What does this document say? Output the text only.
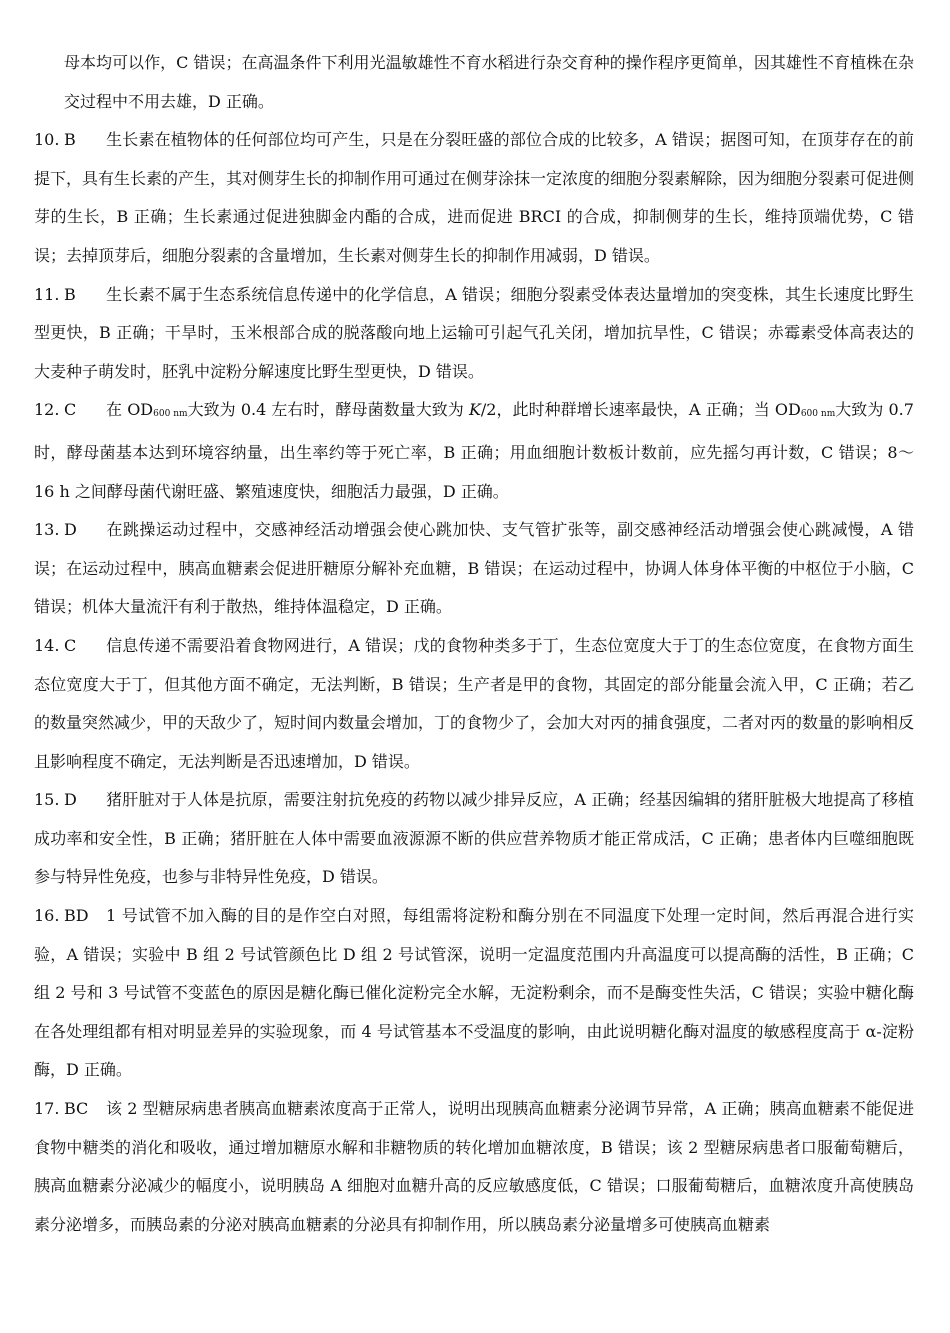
母本均可以作，C 错误；在高温条件下利用光温敏雄性不育水稻进行杂交育种的操作程序更简单，因其雄性不育植株在杂交过程中不用去雄，D 正确。

10. B 生长素在植物体的任何部位均可产生，只是在分裂旺盛的部位合成的比较多，A 错误；据图可知，在顶芽存在的前提下，具有生长素的产生，其对侧芽生长的抑制作用可通过在侧芽涂抹一定浓度的细胞分裂素解除，因为细胞分裂素可促进侧芽的生长，B 正确；生长素通过促进独脚金内酯的合成，进而促进 BRCI 的合成，抑制侧芽的生长，维持顶端优势，C 错误；去掉顶芽后，细胞分裂素的含量增加，生长素对侧芽生长的抑制作用减弱，D 错误。

11. B 生长素不属于生态系统信息传递中的化学信息，A 错误；细胞分裂素受体表达量增加的突变株，其生长速度比野生型更快，B 正确；干旱时，玉米根部合成的脱落酸向地上运输可引起气孔关闭，增加抗旱性，C 错误；赤霉素受体高表达的大麦种子萌发时，胚乳中淀粉分解速度比野生型更快，D 错误。

12. C 在 $OD_{600 nm}$大致为 0.4 左右时，酵母菌数量大致为 K/2，此时种群增长速率最快，A 正确；当 $OD_{600 nm}$大致为 0.7 时，酵母菌基本达到环境容纳量，出生率约等于死亡率，B 正确；用血细胞计数板计数前，应先摇匀再计数，C 错误；8～16 h 之间酵母菌代谢旺盛、繁殖速度快，细胞活力最强，D 正确。

13. D 在跳操运动过程中，交感神经活动增强会使心跳加快、支气管扩张等，副交感神经活动增强会使心跳减慢，A 错误；在运动过程中，胰高血糖素会促进肝糖原分解补充血糖，B 错误；在运动过程中，协调人体身体平衡的中枢位于小脑，C 错误；机体大量流汗有利于散热，维持体温稳定，D 正确。

14. C 信息传递不需要沿着食物网进行，A 错误；戊的食物种类多于丁，生态位宽度大于丁的生态位宽度，在食物方面生态位宽度大于丁，但其他方面不确定，无法判断，B 错误；生产者是甲的食物，其固定的部分能量会流入甲，C 正确；若乙的数量突然减少，甲的天敌少了，短时间内数量会增加，丁的食物少了，会加大对丙的捕食强度，二者对丙的数量的影响相反且影响程度不确定，无法判断是否迅速增加，D 错误。

15. D 猪肝脏对于人体是抗原，需要注射抗免疫的药物以减少排异反应，A 正确；经基因编辑的猪肝脏极大地提高了移植成功率和安全性，B 正确；猪肝脏在人体中需要血液源源不断的供应营养物质才能正常成活，C 正确；患者体内巨噬细胞既参与特异性免疫，也参与非特异性免疫，D 错误。

16. BD 1 号试管不加入酶的目的是作空白对照，每组需将淀粉和酶分别在不同温度下处理一定时间，然后再混合进行实验，A 错误；实验中 B 组 2 号试管颜色比 D 组 2 号试管深，说明一定温度范围内升高温度可以提高酶的活性，B 正确；C 组 2 号和 3 号试管不变蓝色的原因是糖化酶已催化淀粉完全水解，无淀粉剩余，而不是酶变性失活，C 错误；实验中糖化酶在各处理组都有相对明显差异的实验现象，而 4 号试管基本不受温度的影响，由此说明糖化酶对温度的敏感程度高于 α-淀粉酶，D 正确。

17. BC 该 2 型糖尿病患者胰高血糖素浓度高于正常人，说明出现胰高血糖素分泌调节异常，A 正确；胰高血糖素不能促进食物中糖类的消化和吸收，通过增加糖原水解和非糖物质的转化增加血糖浓度，B 错误；该 2 型糖尿病患者口服葡萄糖后，胰高血糖素分泌减少的幅度小，说明胰岛 A 细胞对血糖升高的反应敏感度低，C 错误；口服葡萄糖后，血糖浓度升高使胰岛素分泌增多，而胰岛素的分泌对胰高血糖素的分泌具有抑制作用，所以胰岛素分泌量增多可使胰高血糖素
